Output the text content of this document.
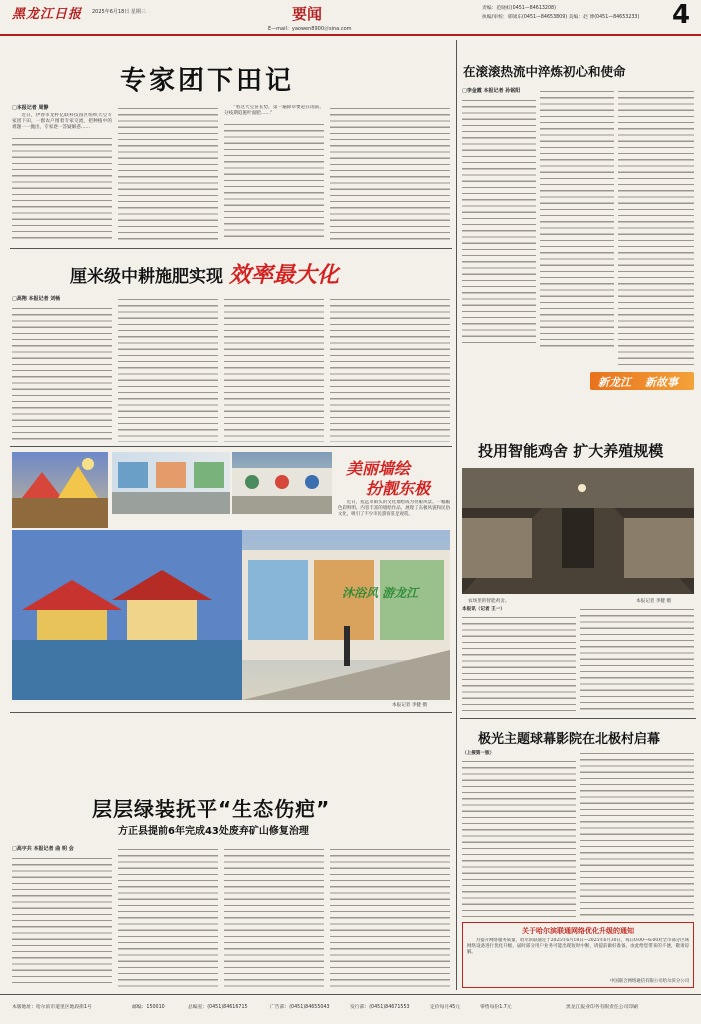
黑龙江日报 2025年6月18日 星期三	要闻
E—mail：yaowen8900＠sina.com
责编：范晓虹(0451—84613208)
执编/审校：邢啸东(0451—84653809) 美编：赵 博(0451—84653233) 4
专家团下田记
□本报记者 周静

近日，伊春市龙杯亿联科技园区组织大豆专家团下田，一群农户围着专家交流，把种植中的难题一一抛出，专家逐一答疑解惑……

“看这大豆苗长势，第一遍除草要赶在雨前，分枝期追施叶面肥……”

厘米级中耕施肥实现 效率最大化
□高翔 本报记者 刘畅
美丽墙绘
扮靓东极

近日，抚远市街头的文化墙绘成为亮眼风景。一幅幅色彩鲜明、内容丰富的墙绘作品，展现了东极风貌和民俗文化，吸引了不少市民游客驻足观赏。

沐浴风 游龙江
本报记者 李健 摄
层层绿装抚平“生态伤疤”
方正县提前6年完成43处废弃矿山修复治理
□高宇共 本报记者 曲 明 会
在滚滚热流中淬炼初心和使命
□李金霞 本报记者 孙铭阳
新龙江 新故事
投用智能鸡舍 扩大养殖规模
农场里的智能鸡舍。	本报记者 李健 摄
本报讯（记者 王一）
极光主题球幕影院在北极村启幕
（上接第一版）
关于哈尔滨联通网络优化升级的通知

为提升网络服务质量，哈尔滨联通定于2025年6月18日—2025年6月30日，每日0:00—6:00对全市部分区域网络设备进行优化升级，届时部分用户业务可能出现短时中断，请提前做好准备。由此给您带来的不便，敬请谅解。

中国联合网络通信有限公司哈尔滨分公司
本版地址：哈尔滨市道里区地段街1号	邮编：150010	总编室：(0451)84616715	广告部：(0451)84655043	发行部：(0451)84671553	定价每月45元	零售每份1.7元	黑龙江报业印务有限责任公司印刷
